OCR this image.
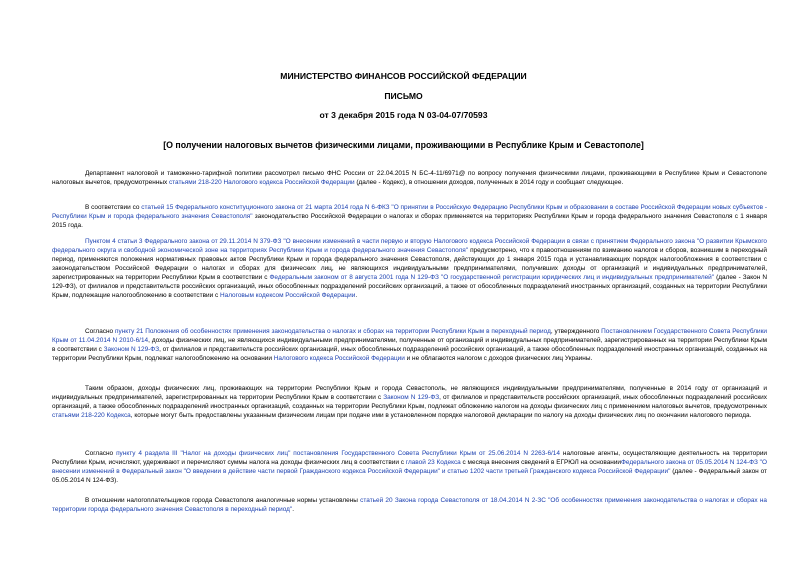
МИНИСТЕРСТВО ФИНАНСОВ РОССИЙСКОЙ ФЕДЕРАЦИИ
ПИСЬМО
от 3 декабря 2015 года N 03-04-07/70593
[О получении налоговых вычетов физическими лицами, проживающими в Республике Крым и Севастополе]

Департамент налоговой и таможенно-тарифной политики рассмотрел письмо ФНС России от 22.04.2015 N БС-4-11/6971@ по вопросу получения физическими лицами, проживающими в Республике Крым и Севастополе налоговых вычетов, предусмотренных статьями 218-220 Налогового кодекса Российской Федерации (далее - Кодекс), в отношении доходов, полученных в 2014 году и сообщает следующее.

В соответствии со статьей 15 Федерального конституционного закона от 21 марта 2014 года N 6-ФКЗ "О принятии в Российскую Федерацию Республики Крым и образовании в составе Российской Федерации новых субъектов - Республики Крым и города федерального значения Севастополя" законодательство Российской Федерации о налогах и сборах применяется на территориях Республики Крым и города федерального значения Севастополя с 1 января 2015 года.

Пунктом 4 статьи 3 Федерального закона от 29.11.2014 N 379-ФЗ "О внесении изменений в части первую и вторую Налогового кодекса Российской Федерации в связи с принятием Федерального закона "О развитии Крымского федерального округа и свободной экономической зоне на территориях Республики Крым и города федерального значения Севастополя" предусмотрено, что к правоотношениям по взиманию налогов и сборов, возникшим в переходный период, применяются положения нормативных правовых актов Республики Крым и города федерального значения Севастополя, действующих до 1 января 2015 года и устанавливающих порядок налогообложения в соответствии с законодательством Российской Федерации о налогах и сборах для физических лиц, не являющихся индивидуальными предпринимателями, получивших доходы от организаций и индивидуальных предпринимателей, зарегистрированных на территории Республики Крым в соответствии с Федеральным законом от 8 августа 2001 года N 129-ФЗ "О государственной регистрации юридических лиц и индивидуальных предпринимателей" (далее - Закон N 129-ФЗ), от филиалов и представительств российских организаций, иных обособленных подразделений российских организаций, а также от обособленных подразделений иностранных организаций, созданных на территории Республики Крым, подлежащие налогообложению в соответствии с Налоговым кодексом Российской Федерации.

Согласно пункту 21 Положения об особенностях применения законодательства о налогах и сборах на территории Республики Крым в переходный период, утвержденного Постановлением Государственного Совета Республики Крым от 11.04.2014 N 2010-6/14, доходы физических лиц, не являющихся индивидуальными предпринимателями, полученные от организаций и индивидуальных предпринимателей, зарегистрированных на территории Республики Крым в соответствии с Законом N 129-ФЗ, от филиалов и представительств российских организаций, иных обособленных подразделений российских организаций, а также обособленных подразделений иностранных организаций, созданных на территории Республики Крым, подлежат налогообложению на основании Налогового кодекса Российской Федерации и не облагаются налогом с доходов физических лиц Украины.

Таким образом, доходы физических лиц, проживающих на территории Республики Крым и города Севастополь, не являющихся индивидуальными предпринимателями, полученные в 2014 году от организаций и индивидуальных предпринимателей, зарегистрированных на территории Республики Крым в соответствии с Законом N 129-ФЗ, от филиалов и представительств российских организаций, иных обособленных подразделений российских организаций, а также обособленных подразделений иностранных организаций, созданных на территории Республики Крым, подлежат обложению налогом на доходы физических лиц с применением налоговых вычетов, предусмотренных статьями 218-220 Кодекса, которые могут быть предоставлены указанным физическим лицам при подаче ими в установленном порядке налоговой декларации по налогу на доходы физических лиц по окончании налогового периода.

Согласно пункту 4 раздела III "Налог на доходы физических лиц" постановления Государственного Совета Республики Крым от 25.06.2014 N 2263-6/14 налоговые агенты, осуществляющие деятельность на территории Республики Крым, исчисляют, удерживают и перечисляют суммы налога на доходы физических лиц в соответствии с главой 23 Кодекса с месяца внесения сведений в ЕГРЮЛ на основанииФедерального закона от 05.05.2014 N 124-ФЗ "О внесении изменений в Федеральный закон "О введении в действие части первой Гражданского кодекса Российской Федерации" и статью 1202 части третьей Гражданского кодекса Российской Федерации" (далее - Федеральный закон от 05.05.2014 N 124-ФЗ).

В отношении налогоплательщиков города Севастополя аналогичные нормы установлены статьей 20 Закона города Севастополя от 18.04.2014 N 2-ЗС "Об особенностях применения законодательства о налогах и сборах на территории города федерального значения Севастополя в переходный период".
